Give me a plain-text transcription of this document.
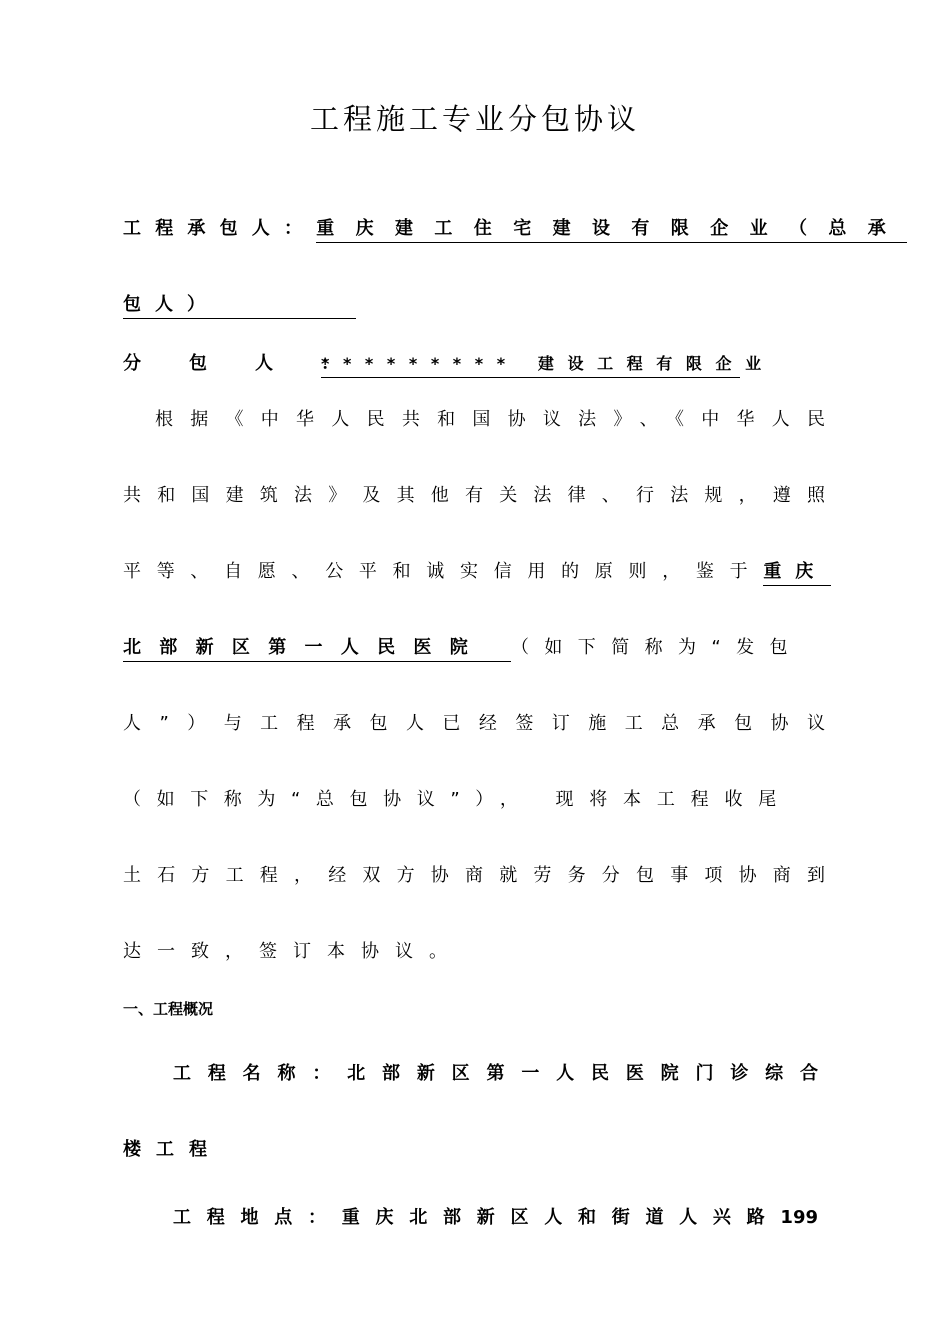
工程施工专业分包协议
工程承包人：重庆建工住宅建设有限企业（总承
包人）
分包人：********* 建设工程有限企业
根据《中华人民共和国协议法》、《中华人民
共和国建筑法》及其他有关法律、行法规，遵照
平等、自愿、公平和诚实信用的原则，鉴于重庆
北部新区第一人民医院 （如下简称为“发包
人”）与工程承包人已经签订施工总承包协议
（如下称为“总包协议”）， 现将本工程收尾
土石方工程，经双方协商就劳务分包事项协商到
达一致，签订本协议。
一、工程概况
工程名称：北部新区第一人民医院门诊综合
楼工程
工程地点：重庆北部新区人和街道人兴路199
